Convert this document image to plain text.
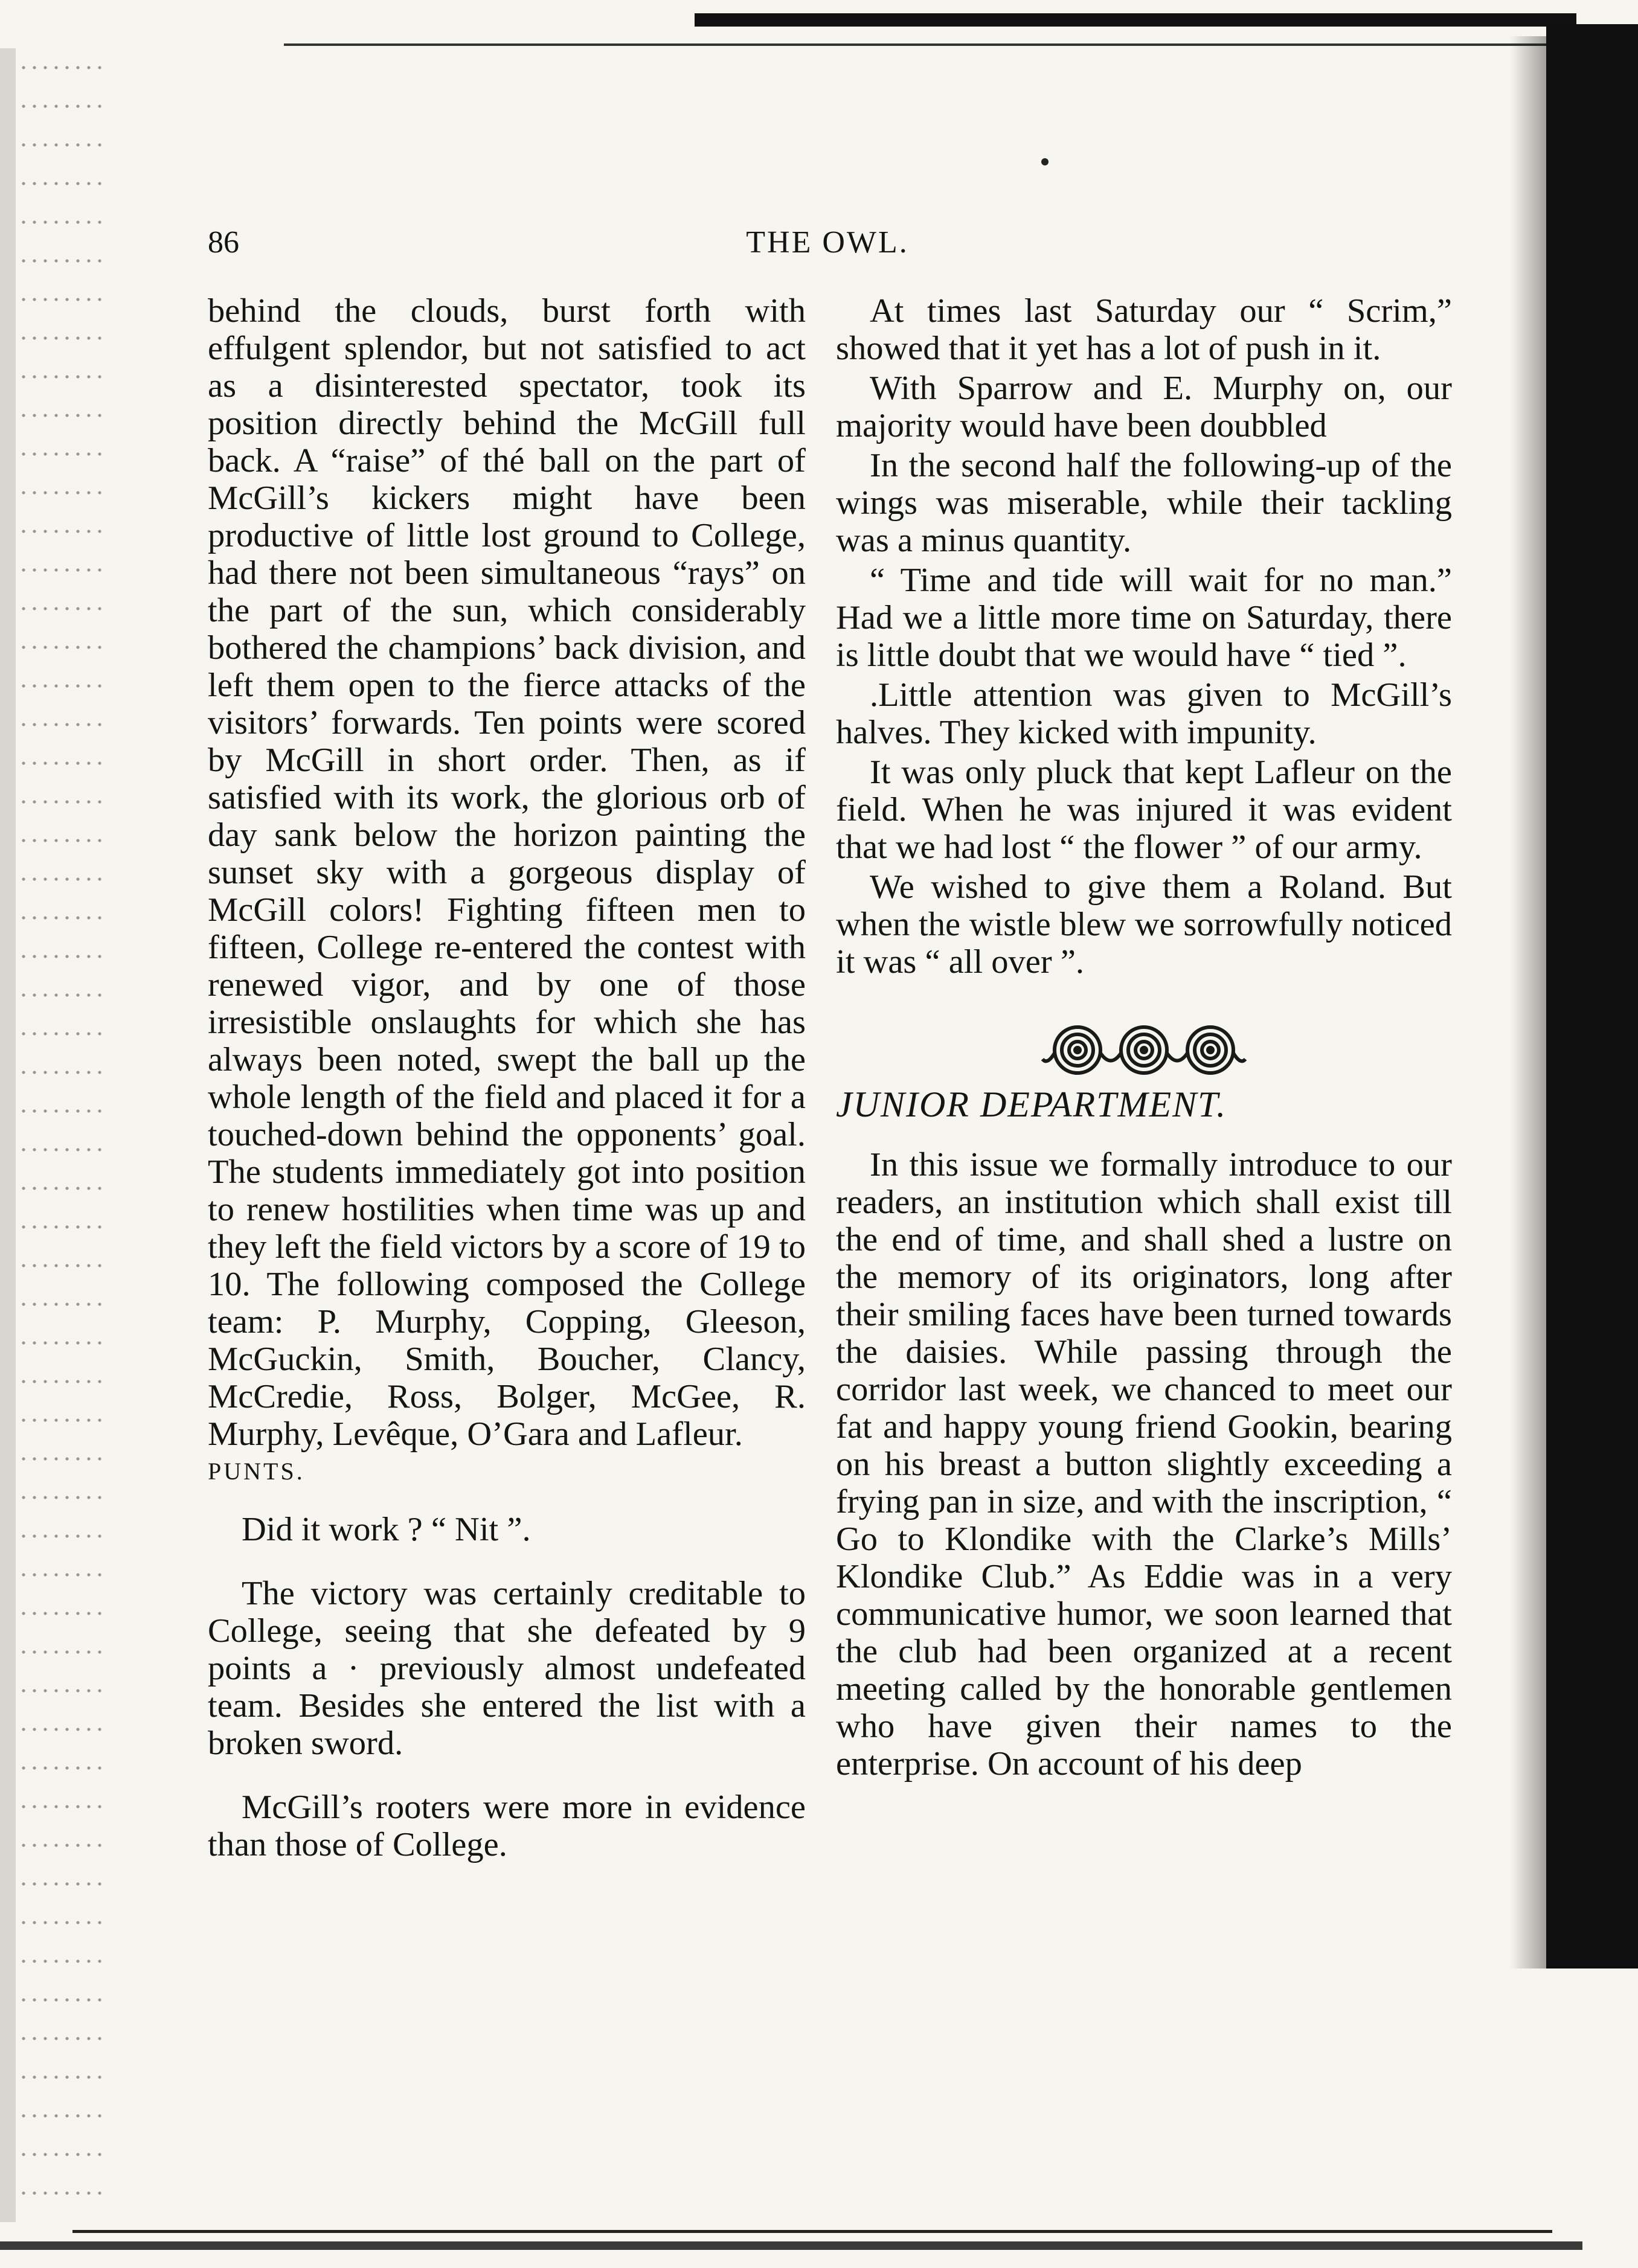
86	THE OWL.

behind the clouds, burst forth with effulgent splendor, but not satisfied to act as a disinterested spectator, took its position directly behind the McGill full back. A “raise” of thé ball on the part of McGill’s kickers might have been productive of little lost ground to College, had there not been simultaneous “rays” on the part of the sun, which considerably bothered the champions’ back division, and left them open to the fierce attacks of the visitors’ forwards. Ten points were scored by McGill in short order. Then, as if satisfied with its work, the glorious orb of day sank below the horizon painting the sunset sky with a gorgeous display of McGill colors! Fighting fifteen men to fifteen, College re-entered the contest with renewed vigor, and by one of those irresistible onslaughts for which she has always been noted, swept the ball up the whole length of the field and placed it for a touched-down behind the opponents’ goal. The students immediately got into position to renew hostilities when time was up and they left the field victors by a score of 19 to 10. The following composed the College team: P. Murphy, Copping, Gleeson, McGuckin, Smith, Boucher, Clancy, McCredie, Ross, Bolger, McGee, R. Murphy, Levêque, O’Gara and Lafleur.

PUNTS.

Did it work ? “ Nit ”.

The victory was certainly creditable to College, seeing that she defeated by 9 points a · previously almost undefeated team. Besides she entered the list with a broken sword.

McGill’s rooters were more in evidence than those of College.

At times last Saturday our “ Scrim,” showed that it yet has a lot of push in it.

With Sparrow and E. Murphy on, our majority would have been doubbled

In the second half the following-up of the wings was miserable, while their tackling was a minus quantity.

“ Time and tide will wait for no man.” Had we a little more time on Saturday, there is little doubt that we would have “ tied ”.

.Little attention was given to McGill’s halves. They kicked with impunity.

It was only pluck that kept Lafleur on the field. When he was injured it was evident that we had lost “ the flower ” of our army.

We wished to give them a Roland. But when the wistle blew we sorrowfully noticed it was “ all over ”.

JUNIOR DEPARTMENT.

In this issue we formally introduce to our readers, an institution which shall exist till the end of time, and shall shed a lustre on the memory of its originators, long after their smiling faces have been turned towards the daisies. While passing through the corridor last week, we chanced to meet our fat and happy young friend Gookin, bearing on his breast a button slightly exceeding a frying pan in size, and with the inscription, “ Go to Klondike with the Clarke’s Mills’ Klondike Club.” As Eddie was in a very communicative humor, we soon learned that the club had been organized at a recent meeting called by the honorable gentlemen who have given their names to the enterprise. On account of his deep
